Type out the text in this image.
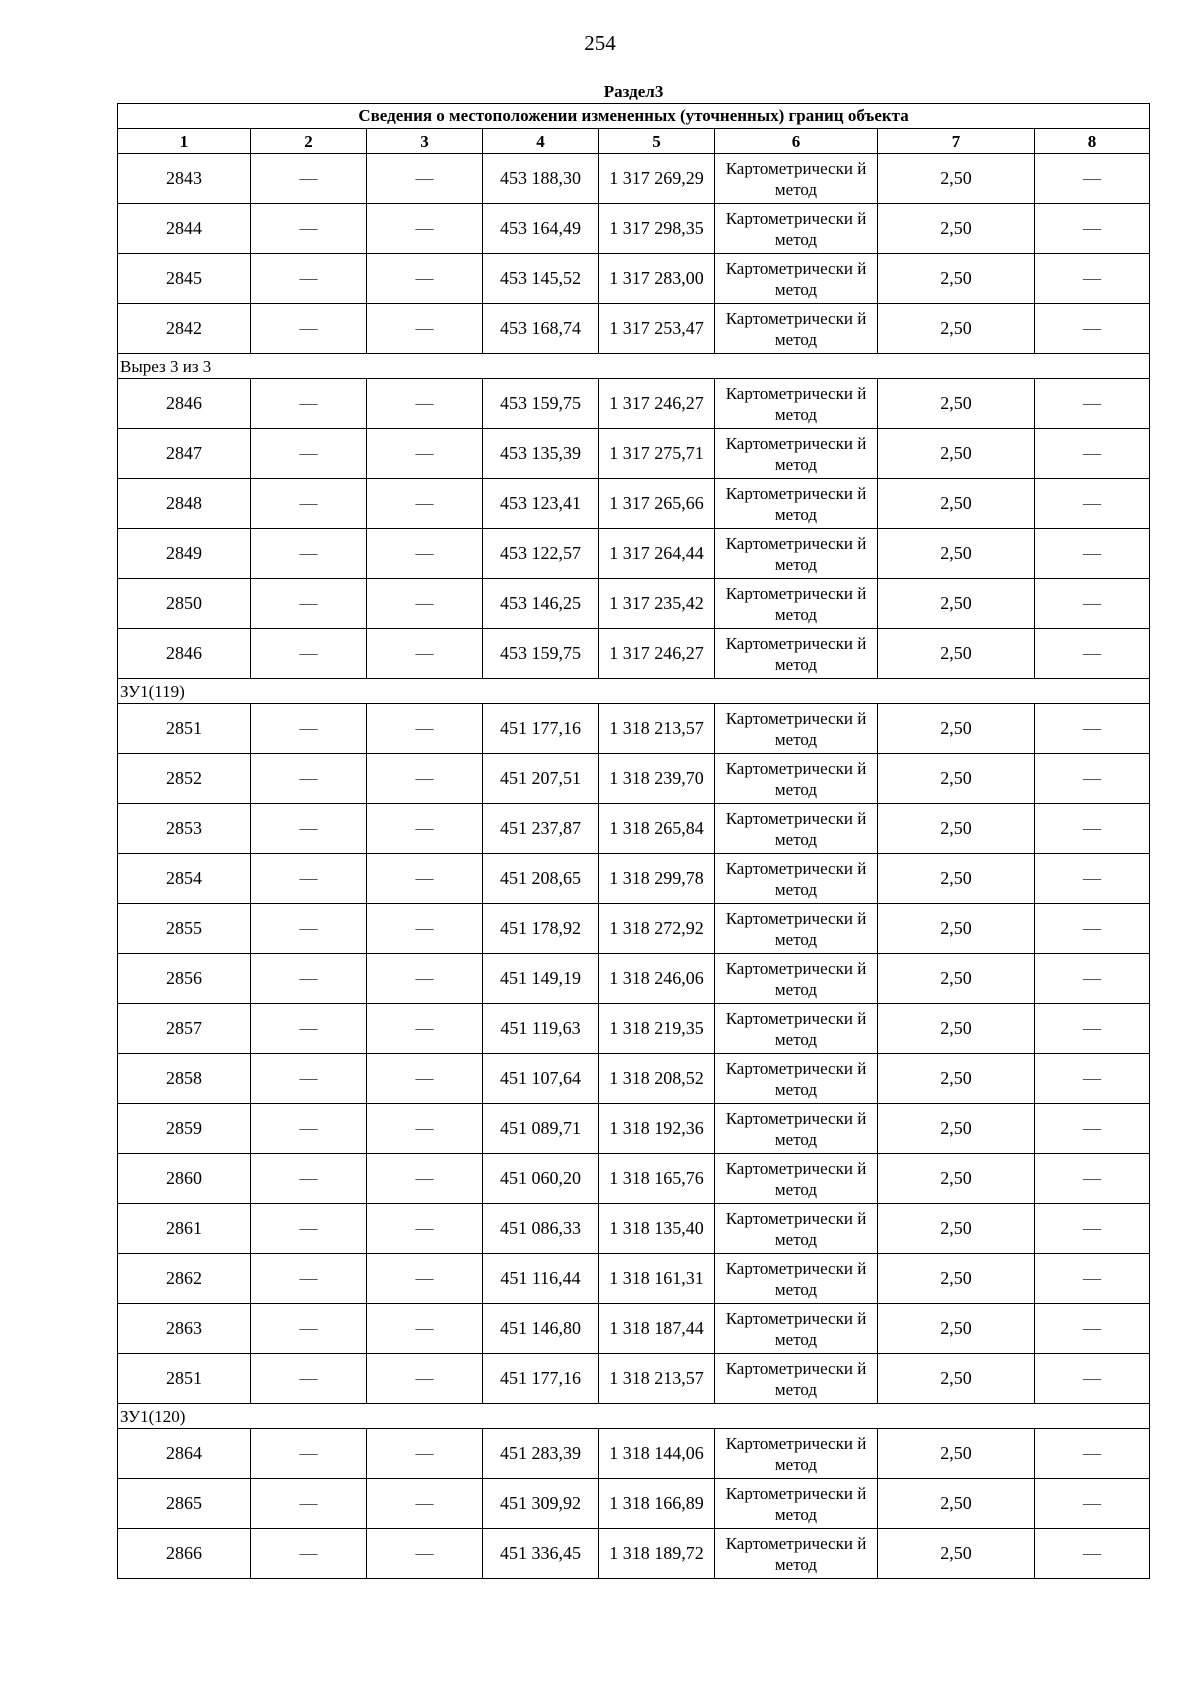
254
Раздел3							
Сведения о местоположении измененных (уточненных) границ объекта							
1	2	3	4	5	6	7	8
2843	—	—	453 188,30	1 317 269,29	Картометрически й метод	2,50	—
2844	—	—	453 164,49	1 317 298,35	Картометрически й метод	2,50	—
2845	—	—	453 145,52	1 317 283,00	Картометрически й метод	2,50	—
2842	—	—	453 168,74	1 317 253,47	Картометрически й метод	2,50	—
Вырез 3 из 3							
2846	—	—	453 159,75	1 317 246,27	Картометрически й метод	2,50	—
2847	—	—	453 135,39	1 317 275,71	Картометрически й метод	2,50	—
2848	—	—	453 123,41	1 317 265,66	Картометрически й метод	2,50	—
2849	—	—	453 122,57	1 317 264,44	Картометрически й метод	2,50	—
2850	—	—	453 146,25	1 317 235,42	Картометрически й метод	2,50	—
2846	—	—	453 159,75	1 317 246,27	Картометрически й метод	2,50	—
ЗУ1(119)							
2851	—	—	451 177,16	1 318 213,57	Картометрически й метод	2,50	—
2852	—	—	451 207,51	1 318 239,70	Картометрически й метод	2,50	—
2853	—	—	451 237,87	1 318 265,84	Картометрически й метод	2,50	—
2854	—	—	451 208,65	1 318 299,78	Картометрически й метод	2,50	—
2855	—	—	451 178,92	1 318 272,92	Картометрически й метод	2,50	—
2856	—	—	451 149,19	1 318 246,06	Картометрически й метод	2,50	—
2857	—	—	451 119,63	1 318 219,35	Картометрически й метод	2,50	—
2858	—	—	451 107,64	1 318 208,52	Картометрически й метод	2,50	—
2859	—	—	451 089,71	1 318 192,36	Картометрически й метод	2,50	—
2860	—	—	451 060,20	1 318 165,76	Картометрически й метод	2,50	—
2861	—	—	451 086,33	1 318 135,40	Картометрически й метод	2,50	—
2862	—	—	451 116,44	1 318 161,31	Картометрически й метод	2,50	—
2863	—	—	451 146,80	1 318 187,44	Картометрически й метод	2,50	—
2851	—	—	451 177,16	1 318 213,57	Картометрически й метод	2,50	—
ЗУ1(120)							
2864	—	—	451 283,39	1 318 144,06	Картометрически й метод	2,50	—
2865	—	—	451 309,92	1 318 166,89	Картометрически й метод	2,50	—
2866	—	—	451 336,45	1 318 189,72	Картометрически й метод	2,50	—
